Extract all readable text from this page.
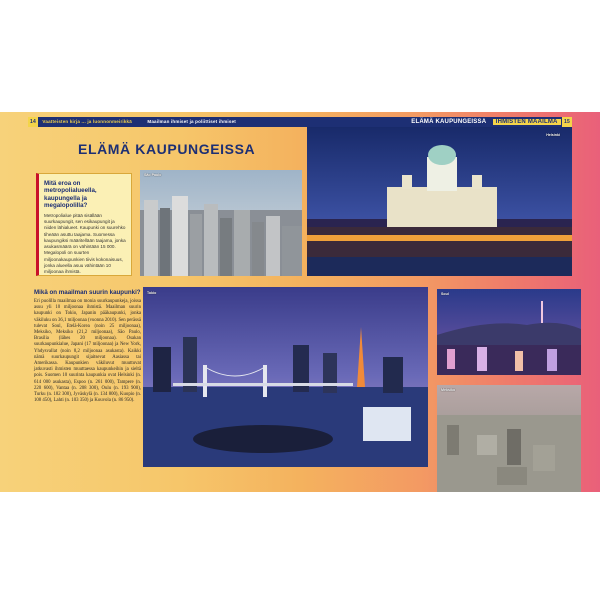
14 Vaatteisten kirja ... ja luonnonmeirikkä	Maailman ihmiset ja poliittiset ihmiset	ELÄMÄ KAUPUNGEISSA IHMISTEN MAAILMA 15
ELÄMÄ KAUPUNGEISSA
Mitä eroa on metropolialueella, kaupungella ja megalopolilla?
Metropolialue pitää sisällään suurkaupungit, sen esikaupungit ja niiden lähialueet. Kaupunki on suurehko tiheään asuttu taajama. Suomessa kaupungiksi määritellään taajama, jonka asukasmäärä on vähintään 15 000. Megalopoli on suurten miljoonakaupunkien tiivis kokonaisuus, jonka alueella asuu vähintään 10 miljoonaa ihmistä.
Mikä on maailman suurin kaupunki?
Eri puolilla maailmaa on monia suurkaupunkeja, joissa asuu yli 10 miljoonaa ihmistä. Maailman suurin kaupunki on Tokio, Japanin pääkaupunki, jonka väkiluku on 36,1 miljoonaa (vuonna 2010). Sen perässä tulevat Soul, Etelä-Korea (noin 25 miljoonaa), Meksiko, Meksiko (21,2 miljoonaa), São Paulo, Brasilia (lähes 20 miljoonaa). Osakan suurkaupunkialue, Japani (17 miljoonaa) ja New York, Yhdysvallat (noin 8,2 miljoonaa asukasta). Kaikki nämä suurkaupungit sijaitsevat Aasiassa tai Amerikassa. Kaupunkien väkiluvut muuttuvat jatkuvasti ihmisten muuttaessa kaupunkeihin ja sieltä pois. Suomen 10 suurinta kaupunkia ovat Helsinki (n. 614 000 asukasta), Espoo (n. 261 000), Tampere (n. 220 600), Vantaa (n. 208 300), Oulu (n. 193 900), Turku (n. 182 300), Jyväskylä (n. 134 800), Kuopio (n. 108 450), Lahti (n. 103 350) ja Kouvola (n. 86 950).
São Paulo
Helsinki
Tokio	Soul
Meksiko
